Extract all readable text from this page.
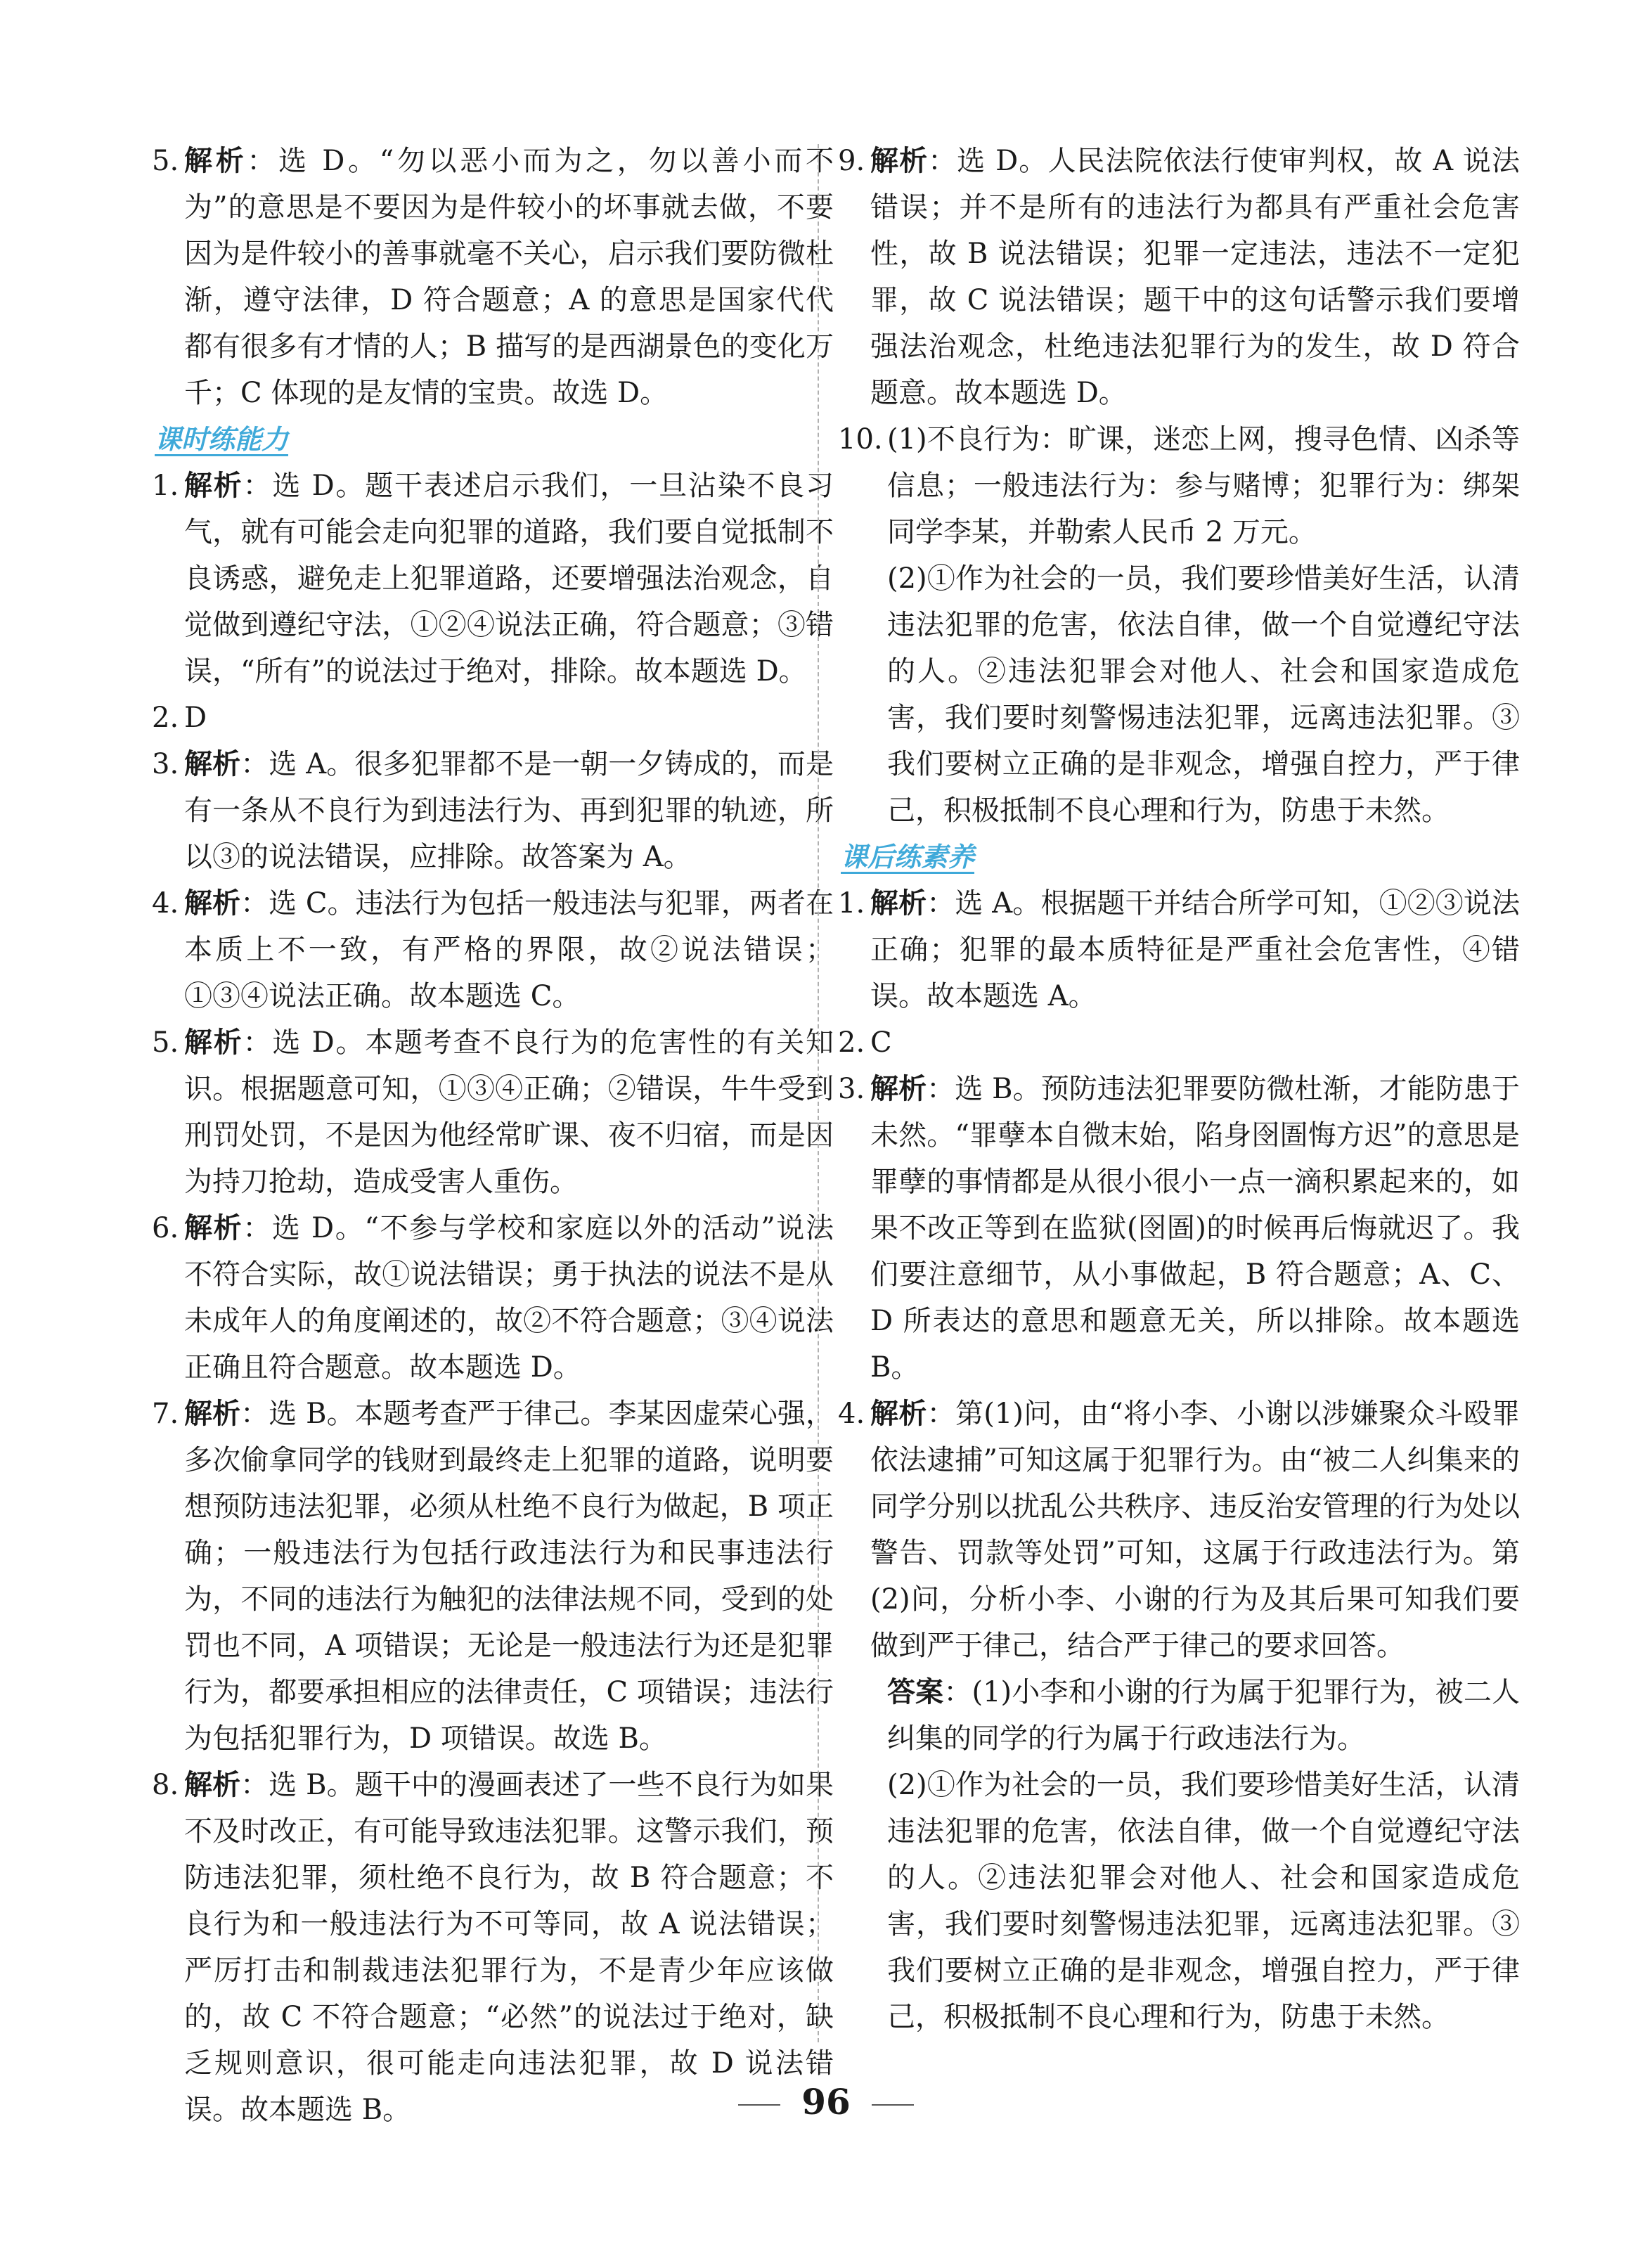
5. 解析：选 D。“勿以恶小而为之，勿以善小而不为”的意思是不要因为是件较小的坏事就去做，不要因为是件较小的善事就毫不关心，启示我们要防微杜渐，遵守法律，D 符合题意；A 的意思是国家代代都有很多有才情的人；B 描写的是西湖景色的变化万千；C 体现的是友情的宝贵。故选 D。
课时练能力
1. 解析：选 D。题干表述启示我们，一旦沾染不良习气，就有可能会走向犯罪的道路，我们要自觉抵制不良诱惑，避免走上犯罪道路，还要增强法治观念，自觉做到遵纪守法，①②④说法正确，符合题意；③错误，“所有”的说法过于绝对，排除。故本题选 D。
2. D
3. 解析：选 A。很多犯罪都不是一朝一夕铸成的，而是有一条从不良行为到违法行为、再到犯罪的轨迹，所以③的说法错误，应排除。故答案为 A。
4. 解析：选 C。违法行为包括一般违法与犯罪，两者在本质上不一致，有严格的界限，故②说法错误；①③④说法正确。故本题选 C。
5. 解析：选 D。本题考查不良行为的危害性的有关知识。根据题意可知，①③④正确；②错误，牛牛受到刑罚处罚，不是因为他经常旷课、夜不归宿，而是因为持刀抢劫，造成受害人重伤。
6. 解析：选 D。“不参与学校和家庭以外的活动”说法不符合实际，故①说法错误；勇于执法的说法不是从未成年人的角度阐述的，故②不符合题意；③④说法正确且符合题意。故本题选 D。
7. 解析：选 B。本题考查严于律己。李某因虚荣心强，多次偷拿同学的钱财到最终走上犯罪的道路，说明要想预防违法犯罪，必须从杜绝不良行为做起，B 项正确；一般违法行为包括行政违法行为和民事违法行为，不同的违法行为触犯的法律法规不同，受到的处罚也不同，A 项错误；无论是一般违法行为还是犯罪行为，都要承担相应的法律责任，C 项错误；违法行为包括犯罪行为，D 项错误。故选 B。
8. 解析：选 B。题干中的漫画表述了一些不良行为如果不及时改正，有可能导致违法犯罪。这警示我们，预防违法犯罪，须杜绝不良行为，故 B 符合题意；不良行为和一般违法行为不可等同，故 A 说法错误；严厉打击和制裁违法犯罪行为，不是青少年应该做的，故 C 不符合题意；“必然”的说法过于绝对，缺乏规则意识，很可能走向违法犯罪，故 D 说法错误。故本题选 B。
9. 解析：选 D。人民法院依法行使审判权，故 A 说法错误；并不是所有的违法行为都具有严重社会危害性，故 B 说法错误；犯罪一定违法，违法不一定犯罪，故 C 说法错误；题干中的这句话警示我们要增强法治观念，杜绝违法犯罪行为的发生，故 D 符合题意。故本题选 D。
10. (1)不良行为：旷课，迷恋上网，搜寻色情、凶杀等信息；一般违法行为：参与赌博；犯罪行为：绑架同学李某，并勒索人民币 2 万元。
(2)①作为社会的一员，我们要珍惜美好生活，认清违法犯罪的危害，依法自律，做一个自觉遵纪守法的人。②违法犯罪会对他人、社会和国家造成危害，我们要时刻警惕违法犯罪，远离违法犯罪。③我们要树立正确的是非观念，增强自控力，严于律己，积极抵制不良心理和行为，防患于未然。
课后练素养
1. 解析：选 A。根据题干并结合所学可知，①②③说法正确；犯罪的最本质特征是严重社会危害性，④错误。故本题选 A。
2. C
3. 解析：选 B。预防违法犯罪要防微杜渐，才能防患于未然。“罪孽本自微末始，陷身囹圄悔方迟”的意思是罪孽的事情都是从很小很小一点一滴积累起来的，如果不改正等到在监狱(囹圄)的时候再后悔就迟了。我们要注意细节，从小事做起，B 符合题意；A、C、D 所表达的意思和题意无关，所以排除。故本题选 B。
4. 解析：第(1)问，由“将小李、小谢以涉嫌聚众斗殴罪依法逮捕”可知这属于犯罪行为。由“被二人纠集来的同学分别以扰乱公共秩序、违反治安管理的行为处以警告、罚款等处罚”可知，这属于行政违法行为。第(2)问，分析小李、小谢的行为及其后果可知我们要做到严于律己，结合严于律己的要求回答。
答案：(1)小李和小谢的行为属于犯罪行为，被二人纠集的同学的行为属于行政违法行为。
(2)①作为社会的一员，我们要珍惜美好生活，认清违法犯罪的危害，依法自律，做一个自觉遵纪守法的人。②违法犯罪会对他人、社会和国家造成危害，我们要时刻警惕违法犯罪，远离违法犯罪。③我们要树立正确的是非观念，增强自控力，严于律己，积极抵制不良心理和行为，防患于未然。
96
